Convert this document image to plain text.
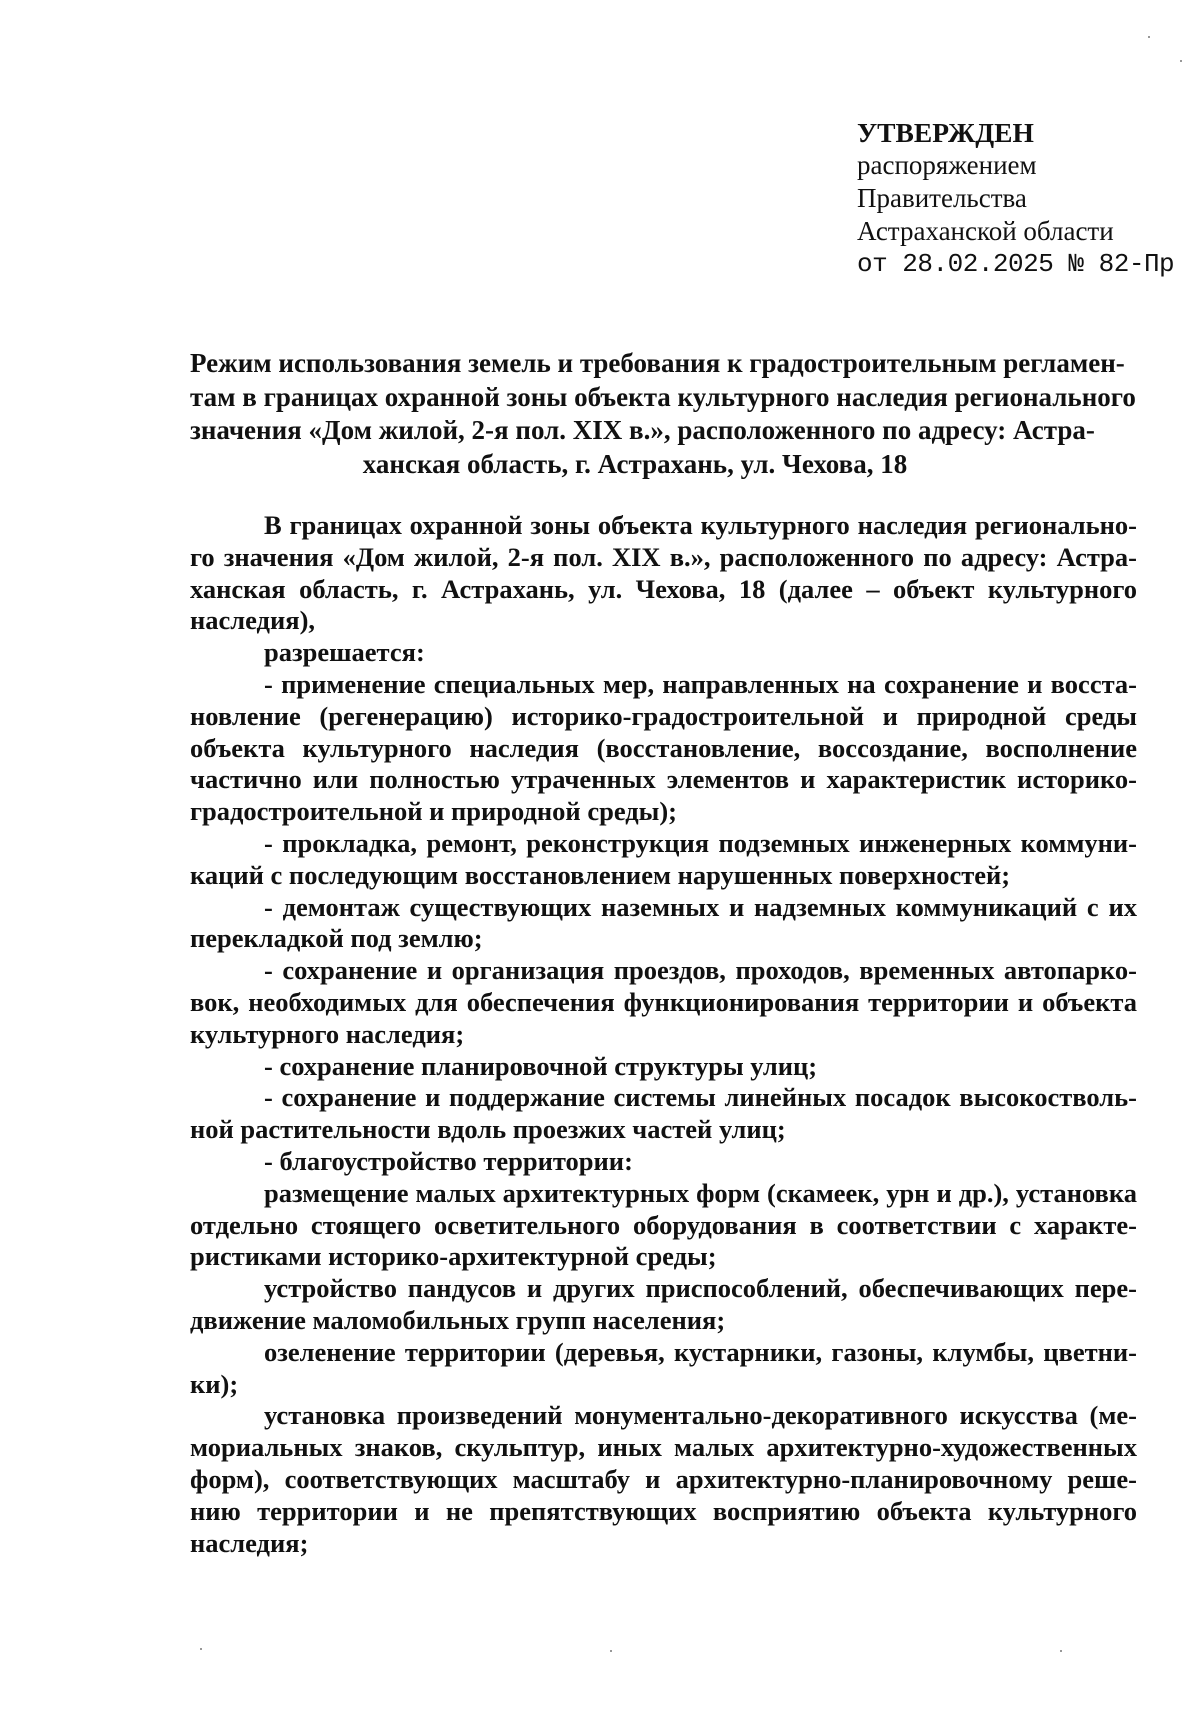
УТВЕРЖДЕН
распоряжением
Правительства
Астраханской области
от 28.02.2025 № 82-Пр
Режим использования земель и требования к градостроительным регламен-
там в границах охранной зоны объекта культурного наследия регионального
значения «Дом жилой, 2-я пол. XIX в.», расположенного по адресу: Астра-
ханская область, г. Астрахань, ул. Чехова, 18
В границах охранной зоны объекта культурного наследия регионально-
го значения «Дом жилой, 2-я пол. XIX в.», расположенного по адресу: Астра-
ханская область, г. Астрахань, ул. Чехова, 18 (далее – объект культурного
наследия),
разрешается:
- применение специальных мер, направленных на сохранение и восста-
новление (регенерацию) историко-градостроительной и природной среды
объекта культурного наследия (восстановление, воссоздание, восполнение
частично или полностью утраченных элементов и характеристик историко-
градостроительной и природной среды);
- прокладка, ремонт, реконструкция подземных инженерных коммуни-
каций с последующим восстановлением нарушенных поверхностей;
- демонтаж существующих наземных и надземных коммуникаций с их
перекладкой под землю;
- сохранение и организация проездов, проходов, временных автопарко-
вок, необходимых для обеспечения функционирования территории и объекта
культурного наследия;
- сохранение планировочной структуры улиц;
- сохранение и поддержание системы линейных посадок высокостволь-
ной растительности вдоль проезжих частей улиц;
- благоустройство территории:
размещение малых архитектурных форм (скамеек, урн и др.), установка
отдельно стоящего осветительного оборудования в соответствии с характе-
ристиками историко-архитектурной среды;
устройство пандусов и других приспособлений, обеспечивающих пере-
движение маломобильных групп населения;
озеленение территории (деревья, кустарники, газоны, клумбы, цветни-
ки);
установка произведений монументально-декоративного искусства (ме-
мориальных знаков, скульптур, иных малых архитектурно-художественных
форм), соответствующих масштабу и архитектурно-планировочному реше-
нию территории и не препятствующих восприятию объекта культурного
наследия;
